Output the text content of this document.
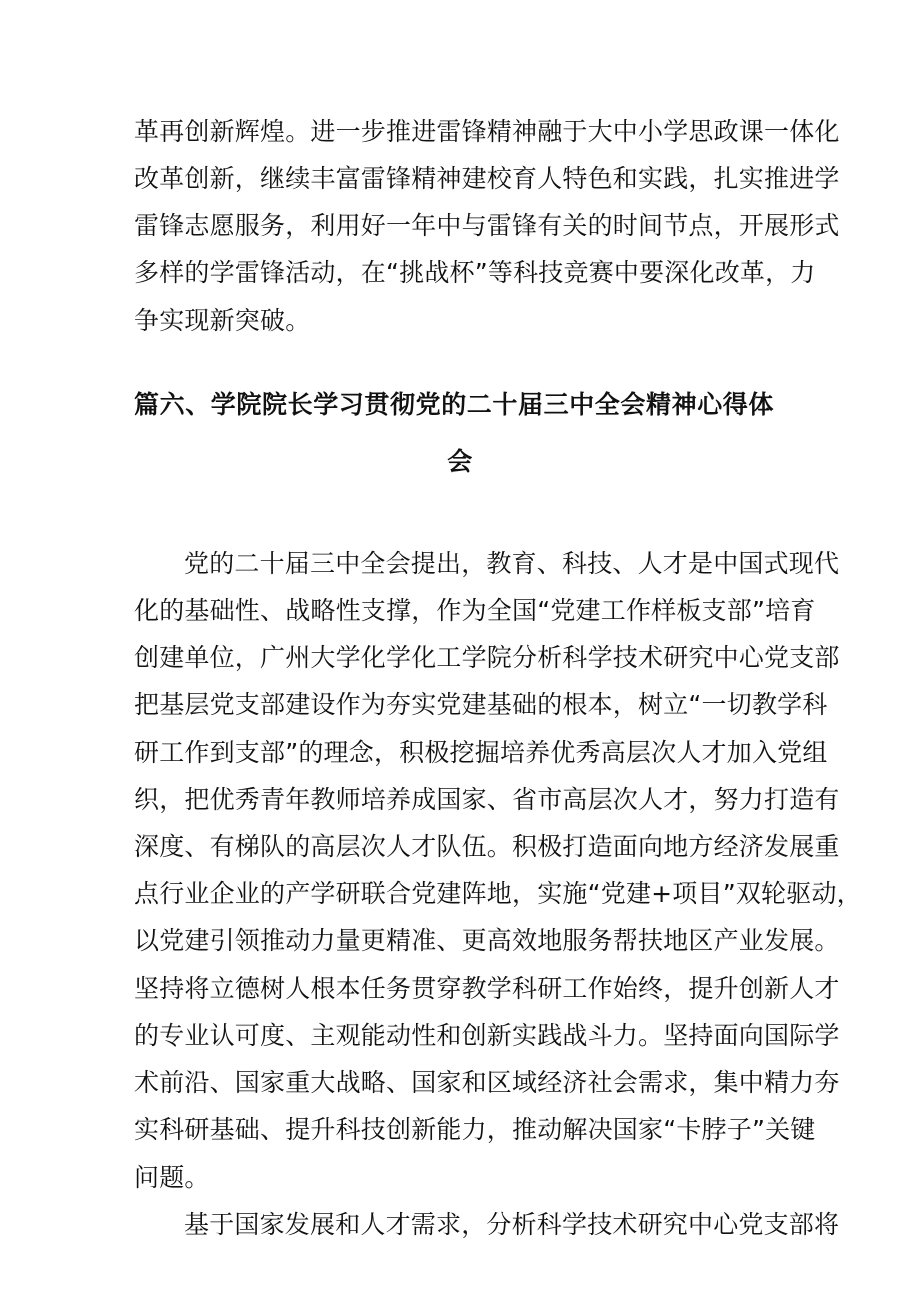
革再创新辉煌。进一步推进雷锋精神融于大中小学思政课一体化
改革创新，继续丰富雷锋精神建校育人特色和实践，扎实推进学
雷锋志愿服务，利用好一年中与雷锋有关的时间节点，开展形式
多样的学雷锋活动，在“挑战杯”等科技竞赛中要深化改革，力
争实现新突破。
篇六、学院院长学习贯彻党的二十届三中全会精神心得体
会
党的二十届三中全会提出，教育、科技、人才是中国式现代
化的基础性、战略性支撑，作为全国“党建工作样板支部”培育
创建单位，广州大学化学化工学院分析科学技术研究中心党支部
把基层党支部建设作为夯实党建基础的根本，树立“一切教学科
研工作到支部”的理念，积极挖掘培养优秀高层次人才加入党组
织，把优秀青年教师培养成国家、省市高层次人才，努力打造有
深度、有梯队的高层次人才队伍。积极打造面向地方经济发展重
点行业企业的产学研联合党建阵地，实施“党建+项目”双轮驱动，
以党建引领推动力量更精准、更高效地服务帮扶地区产业发展。
坚持将立德树人根本任务贯穿教学科研工作始终，提升创新人才
的专业认可度、主观能动性和创新实践战斗力。坚持面向国际学
术前沿、国家重大战略、国家和区域经济社会需求，集中精力夯
实科研基础、提升科技创新能力，推动解决国家“卡脖子”关键
问题。
基于国家发展和人才需求，分析科学技术研究中心党支部将
